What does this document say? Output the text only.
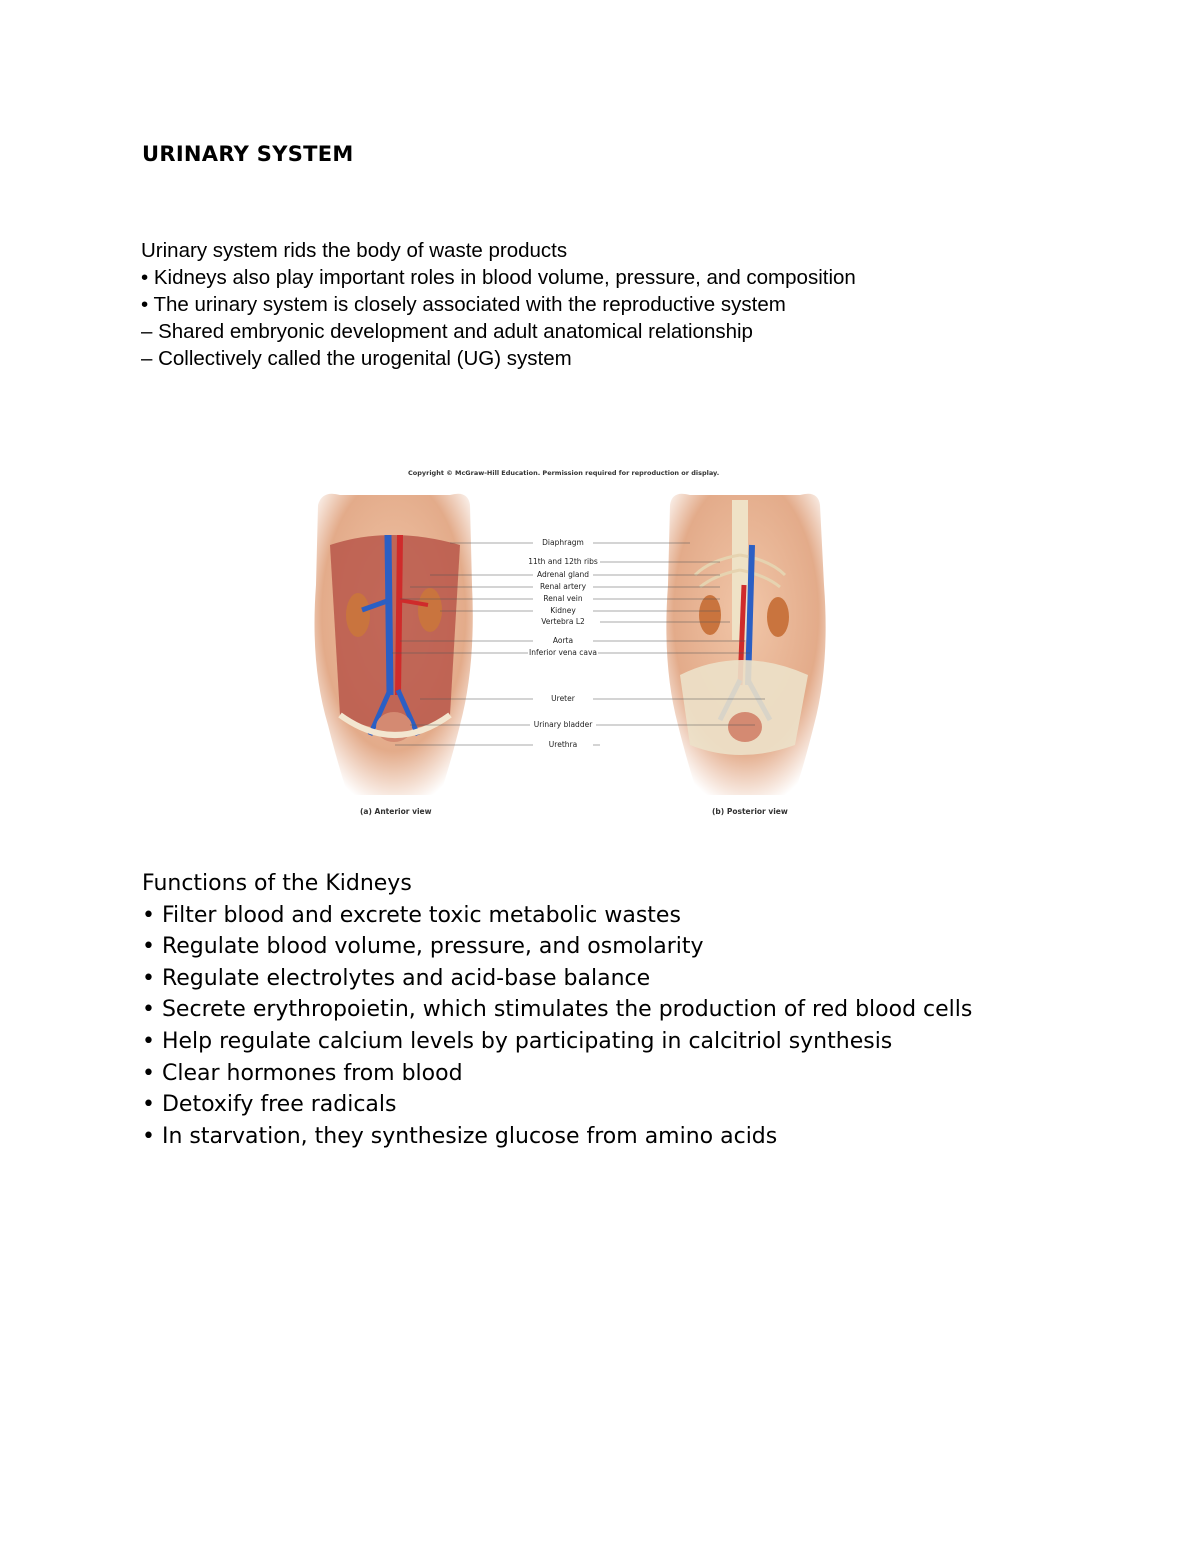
URINARY SYSTEM
Urinary system rids the body of waste products
• Kidneys also play important roles in blood volume, pressure, and composition
• The urinary system is closely associated with the reproductive system
– Shared embryonic development and adult anatomical relationship
– Collectively called the urogenital (UG) system
Copyright © McGraw-Hill Education. Permission required for reproduction or display.
(a) Anterior view	(b) Posterior view
Diaphragm
11th and 12th ribs
Adrenal gland
Renal artery
Renal vein
Kidney
Vertebra L2
Aorta
Inferior vena cava
Ureter
Urinary bladder
Urethra
Functions of the Kidneys
• Filter blood and excrete toxic metabolic wastes
• Regulate blood volume, pressure, and osmolarity
• Regulate electrolytes and acid-base balance
• Secrete erythropoietin, which stimulates the production of red blood cells
• Help regulate calcium levels by participating in calcitriol synthesis
• Clear hormones from blood
• Detoxify free radicals
• In starvation, they synthesize glucose from amino acids
